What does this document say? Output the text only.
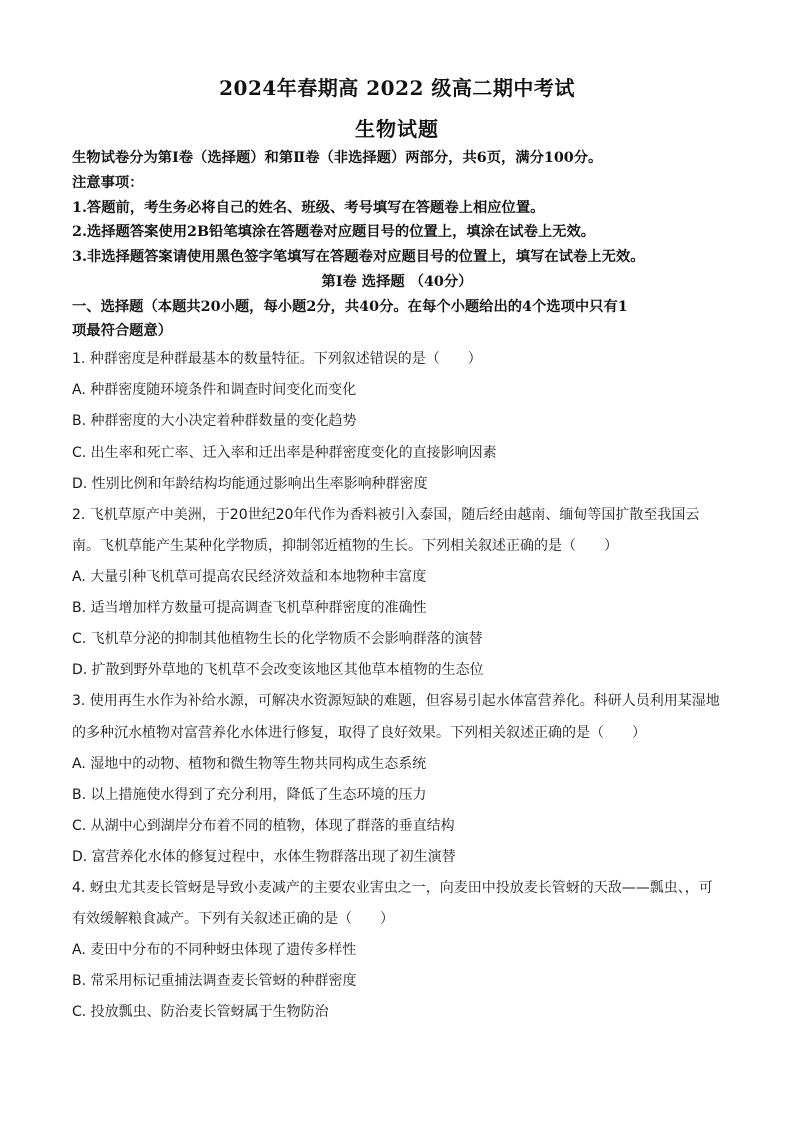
2024年春期高 2022 级高二期中考试
生物试题
生物试卷分为第Ⅰ卷（选择题）和第Ⅱ卷（非选择题）两部分，共6页，满分100分。
注意事项：
1.答题前，考生务必将自己的姓名、班级、考号填写在答题卷上相应位置。
2.选择题答案使用2B铅笔填涂在答题卷对应题目号的位置上，填涂在试卷上无效。
3.非选择题答案请使用黑色签字笔填写在答题卷对应题目号的位置上，填写在试卷上无效。
第Ⅰ卷 选择题 （40分）
一、选择题（本题共20小题，每小题2分，共40分。在每个小题给出的4个选项中只有1
项最符合题意）
1. 种群密度是种群最基本的数量特征。下列叙述错误的是（　　）
A. 种群密度随环境条件和调查时间变化而变化
B. 种群密度的大小决定着种群数量的变化趋势
C. 出生率和死亡率、迁入率和迁出率是种群密度变化的直接影响因素
D. 性别比例和年龄结构均能通过影响出生率影响种群密度
2. 飞机草原产中美洲，于20世纪20年代作为香料被引入泰国，随后经由越南、缅甸等国扩散至我国云
南。飞机草能产生某种化学物质，抑制邻近植物的生长。下列相关叙述正确的是（　　）
A. 大量引种飞机草可提高农民经济效益和本地物种丰富度
B. 适当增加样方数量可提高调查飞机草种群密度的准确性
C. 飞机草分泌的抑制其他植物生长的化学物质不会影响群落的演替
D. 扩散到野外草地的飞机草不会改变该地区其他草本植物的生态位
3. 使用再生水作为补给水源，可解决水资源短缺的难题，但容易引起水体富营养化。科研人员利用某湿地
的多种沉水植物对富营养化水体进行修复，取得了良好效果。下列相关叙述正确的是（　　）
A. 湿地中的动物、植物和微生物等生物共同构成生态系统
B. 以上措施使水得到了充分利用，降低了生态环境的压力
C. 从湖中心到湖岸分布着不同的植物，体现了群落的垂直结构
D. 富营养化水体的修复过程中，水体生物群落出现了初生演替
4. 蚜虫尤其麦长管蚜是导致小麦减产的主要农业害虫之一，向麦田中投放麦长管蚜的天敌——瓢虫、，可
有效缓解粮食减产。下列有关叙述正确的是（　　）
A. 麦田中分布的不同种蚜虫体现了遗传多样性
B. 常采用标记重捕法调查麦长管蚜的种群密度
C. 投放瓢虫、防治麦长管蚜属于生物防治
